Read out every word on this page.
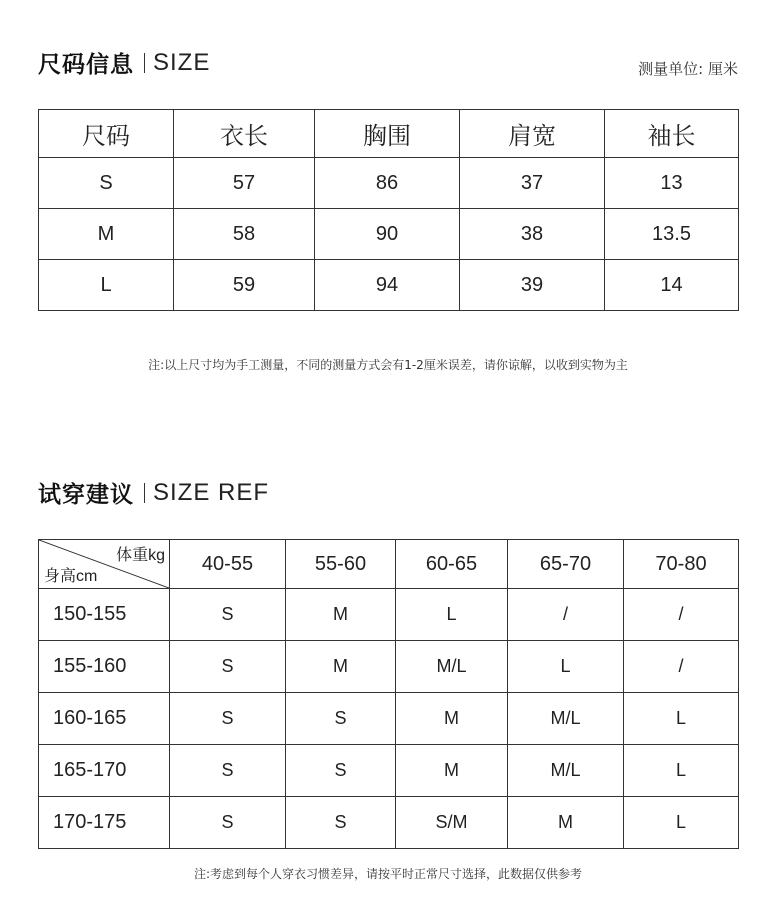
尺码信息 SIZE	测量单位: 厘米
尺码	衣长	胸围	肩宽	袖长
S	57	86	37	13
M	58	90	38	13.5
L	59	94	39	14
注:以上尺寸均为手工测量，不同的测量方式会有1-2厘米误差，请你谅解，以收到实物为主
试穿建议 SIZE REF
体重kg
身高cm	40-55	55-60	60-65	65-70	70-80
150-155	S	M	L	/	/
155-160	S	M	M/L	L	/
160-165	S	S	M	M/L	L
165-170	S	S	M	M/L	L
170-175	S	S	S/M	M	L
注:考虑到每个人穿衣习惯差异，请按平时正常尺寸选择，此数据仅供参考
